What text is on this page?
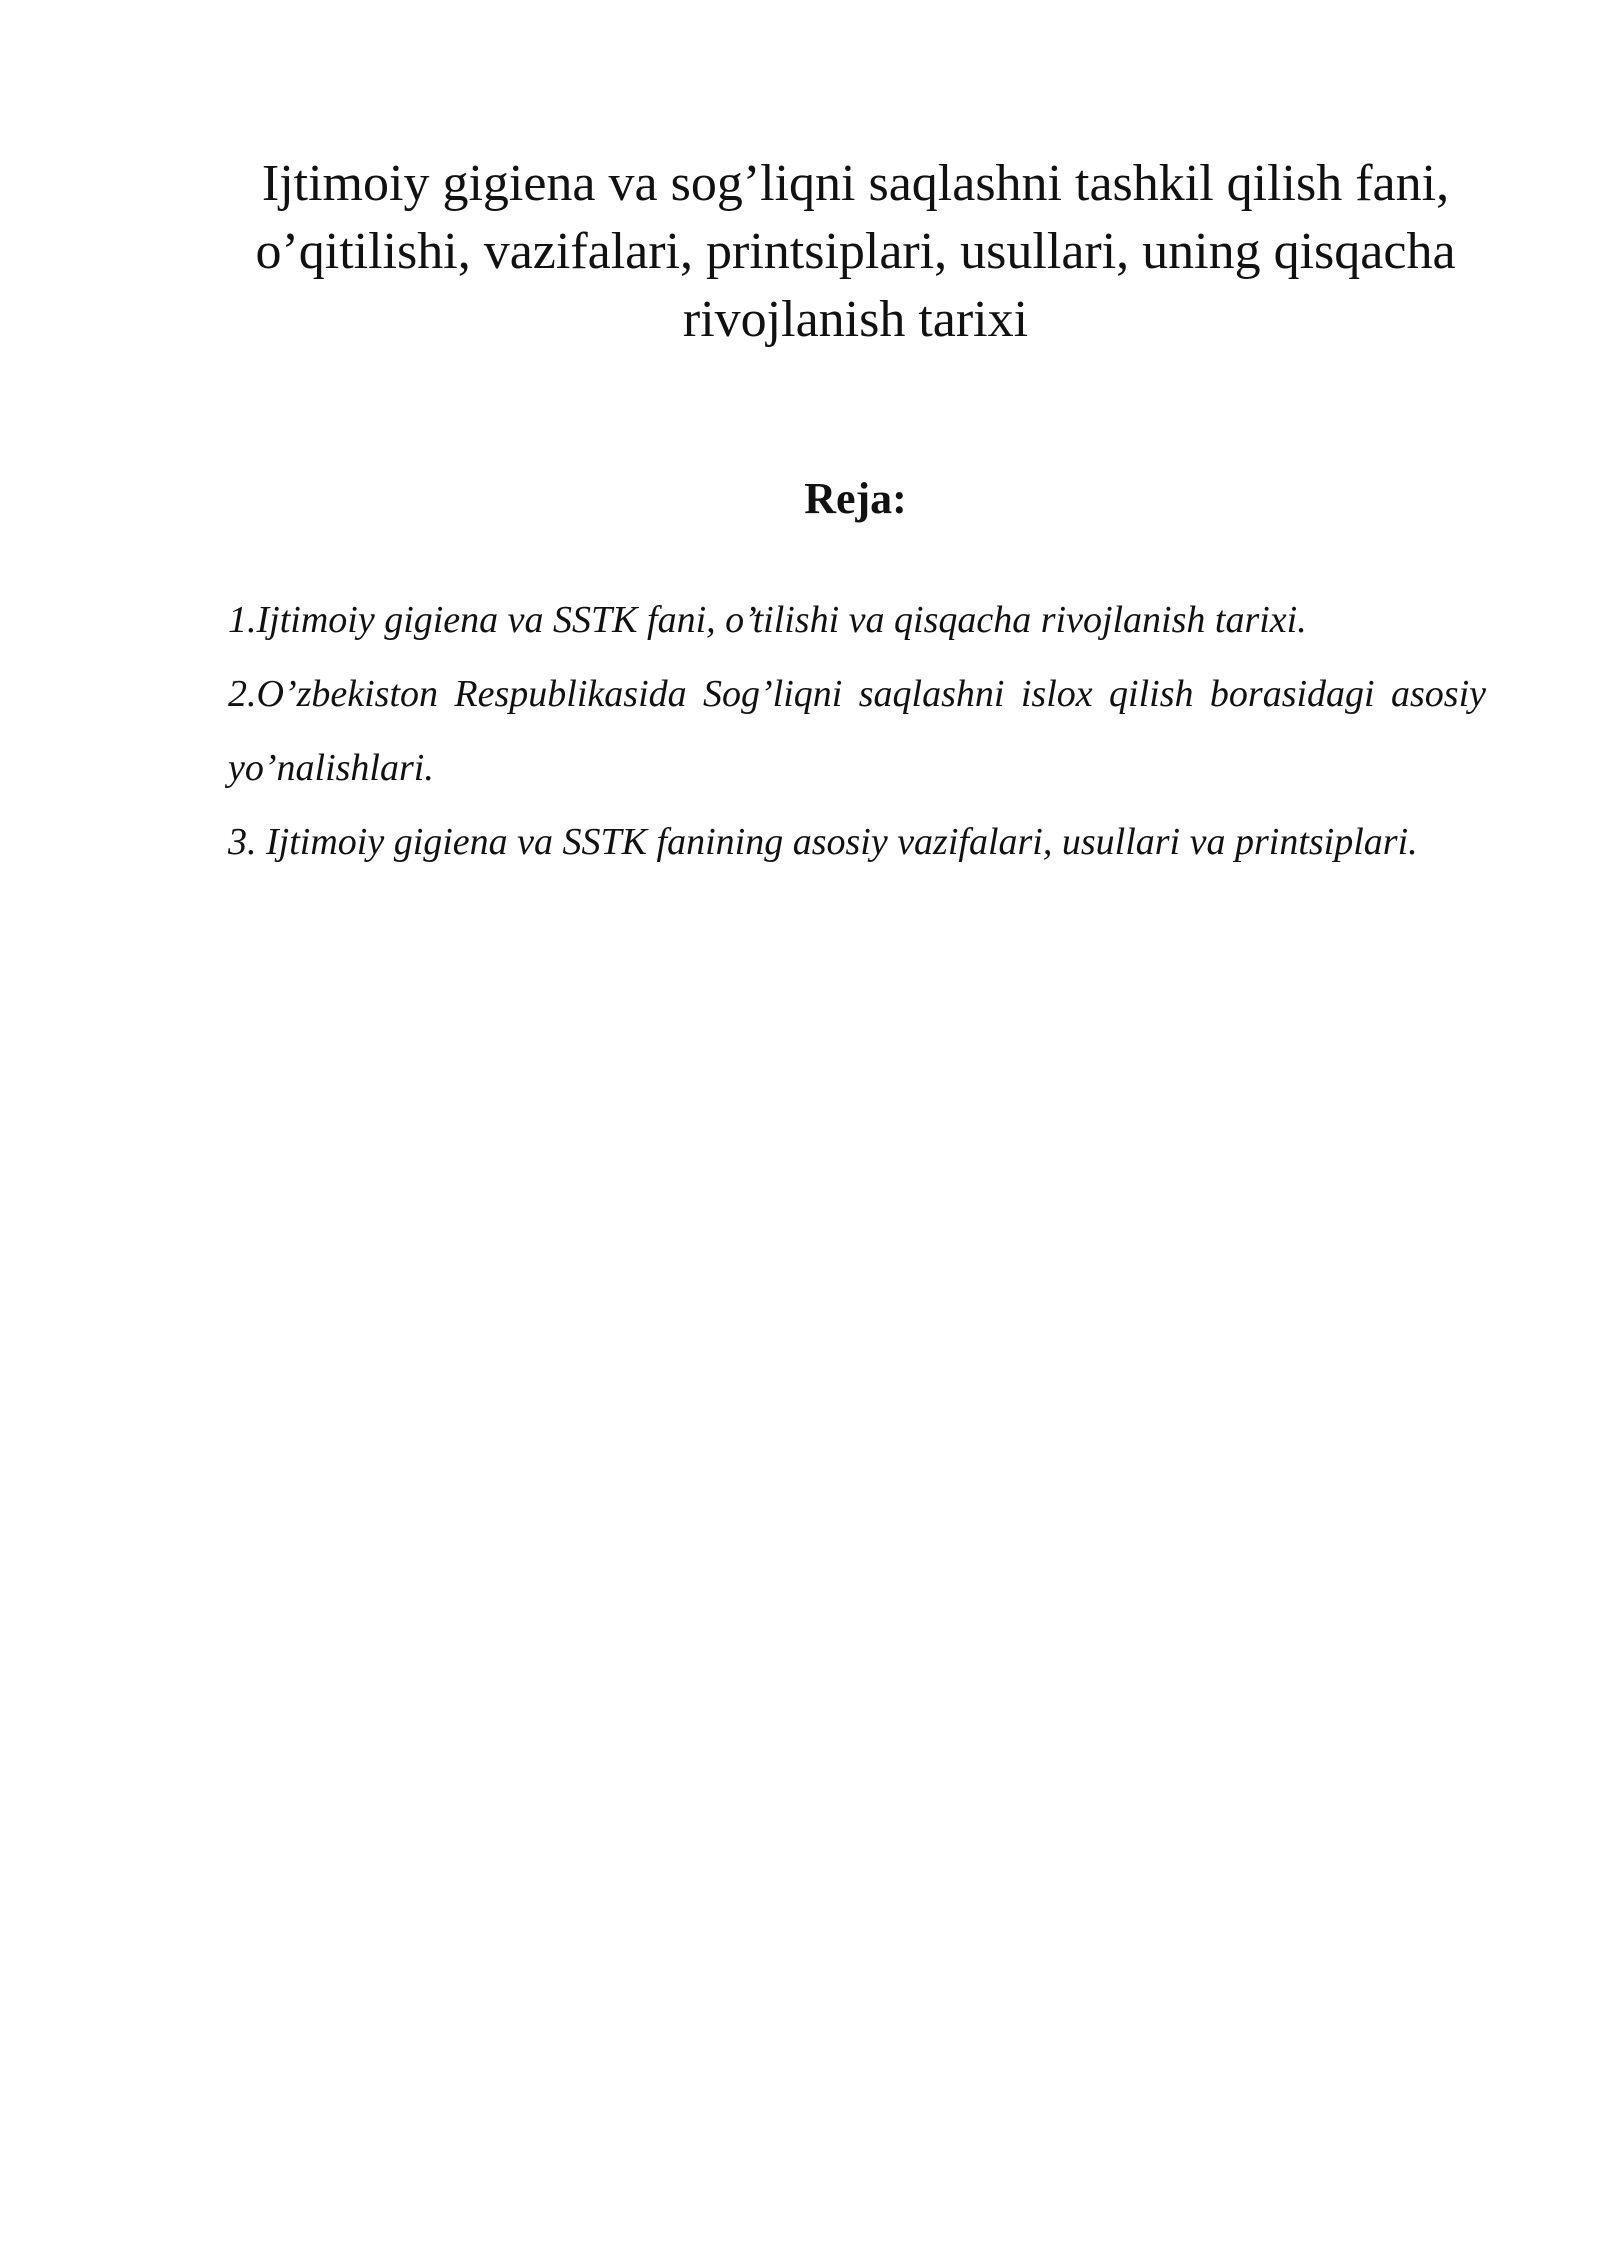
Ijtimoiy gigiena va sog’liqni saqlashni tashkil qilish fani, o’qitilishi, vazifalari, printsiplari, usullari, uning qisqacha rivojlanish tarixi
Reja:

1.Ijtimoiy gigiena va SSTK fani, o’tilishi va qisqacha rivojlanish tarixi.

2.O’zbekiston Respublikasida Sog’liqni saqlashni islox qilish borasidagi asosiy yo’nalishlari.

3. Ijtimoiy gigiena va SSTK fanining asosiy vazifalari, usullari va printsiplari.
